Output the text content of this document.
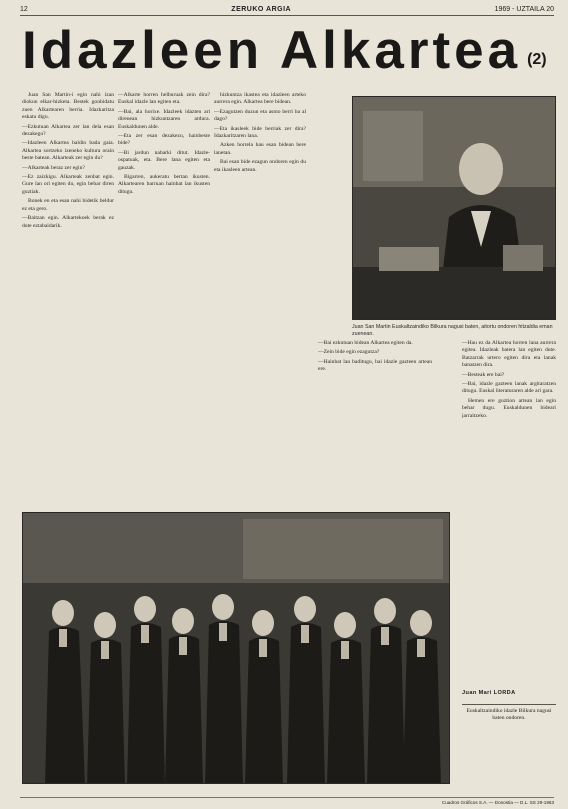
12	ZERUKO ARGIA	1969 - UZTAILA 20
Idazleen Alkartea (2)

Juan San Martin-i egin nahi izan diokun elkar-hizketa. Bestek gonbidatu zuen Alkartearen berria. Idazkaritza eskatu digu.

—Ezkutuan Alkartea zer lan dela esan dezakegu?

—Idazleen Alkartea baldin bada gaia. Alkartea sortzeko izeneko kultura orain beste batean. Alkarteak zer egin du?

—Alkarteak beraz zer egin?

—Ez zaizkigu. Alkarteak zenbat egin. Gure lan ori egiten du, egin behar diren guztiak.

Bonek en eta esan nahi bidetik beldur ez eta gero.

—Baitzan egin. Alkartekoek berak ez dute eztabaidarik.

—Alkarte horren helburuak zein dira? Euskal idazle lan egiten eta.

—Bai, ala horixe. Idazleek idazten ari direnean hizkuntzaren ardura. Euskaldunen alde.

—Eta zer esan dezakezu, hainbeste bide?

—Bi jardun nabarki ditut. Idazle-ospatuak, eta. Bere lana egiten eta gauzak.

Bigarren, aukeratu bertan ikusten. Alkartearen barruan hainbat lan ikusten ditugu.

hizkuntza ikastea eta idazleen arteko aurrera egin. Alkartea bere bidean.

—Ezagutzen duzun eta asmo berri ba al dago?

—Eta ikasleek bide berriak zer dira? Idazkaritzaren lana.

Azken horrela hau esan bidean bere lanetan.

Bai esan bide ezagun ondoren egin du eta ikasleen artean.

Juan San Martin Euskaltzaindiko Bilkura nagusi baten, aitortu ondoren hitzaldia eman zuenean.

—Bai ezkutuan bidean Alkartea egiten da.

—Zein bide egin ezagutza?

—Hainbat lan baditugu, bai idazle gazteen artean ere.

—Hau ez da Alkartea horren lana aurrera egitea. Idazleak batera lan egiten dute. Batzarrak urtero egiten dira eta lanak banatzen dira.

—Besteak ere bai?

—Bai, idazle gazteen lanak argitaratzen ditugu. Euskal literaturaren alde ari gara.

Hemen ere guztion artean lan egin behar dugu. Euskaldunen bideari jarraitzeko.

Juan Mari LORDA
Euskaltzaindiko idazle Bilkura nagusi baten ondoren.
Cuadros Gráficos S.A. — Donostia — D.L. SS 29-1963
